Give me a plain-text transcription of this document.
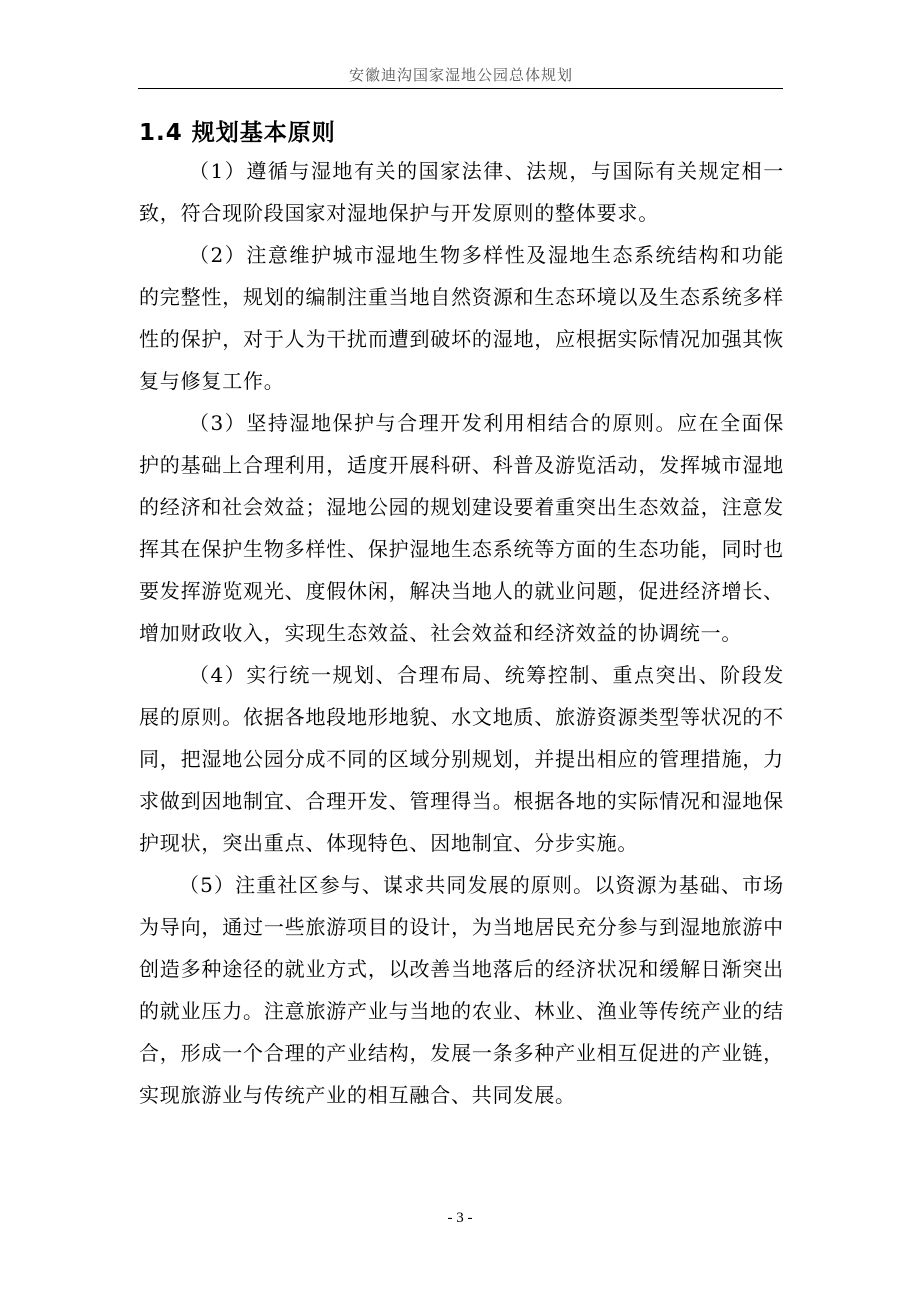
安徽迪沟国家湿地公园总体规划
1.4 规划基本原则

（1）遵循与湿地有关的国家法律、法规，与国际有关规定相一致，符合现阶段国家对湿地保护与开发原则的整体要求。

（2）注意维护城市湿地生物多样性及湿地生态系统结构和功能的完整性，规划的编制注重当地自然资源和生态环境以及生态系统多样性的保护，对于人为干扰而遭到破坏的湿地，应根据实际情况加强其恢复与修复工作。

（3）坚持湿地保护与合理开发利用相结合的原则。应在全面保护的基础上合理利用，适度开展科研、科普及游览活动，发挥城市湿地的经济和社会效益；湿地公园的规划建设要着重突出生态效益，注意发挥其在保护生物多样性、保护湿地生态系统等方面的生态功能，同时也要发挥游览观光、度假休闲，解决当地人的就业问题，促进经济增长、增加财政收入，实现生态效益、社会效益和经济效益的协调统一。

（4）实行统一规划、合理布局、统筹控制、重点突出、阶段发展的原则。依据各地段地形地貌、水文地质、旅游资源类型等状况的不同，把湿地公园分成不同的区域分别规划，并提出相应的管理措施，力求做到因地制宜、合理开发、管理得当。根据各地的实际情况和湿地保护现状，突出重点、体现特色、因地制宜、分步实施。

（5）注重社区参与、谋求共同发展的原则。以资源为基础、市场为导向，通过一些旅游项目的设计，为当地居民充分参与到湿地旅游中创造多种途径的就业方式，以改善当地落后的经济状况和缓解日渐突出的就业压力。注意旅游产业与当地的农业、林业、渔业等传统产业的结合，形成一个合理的产业结构，发展一条多种产业相互促进的产业链，实现旅游业与传统产业的相互融合、共同发展。

- 3 -
